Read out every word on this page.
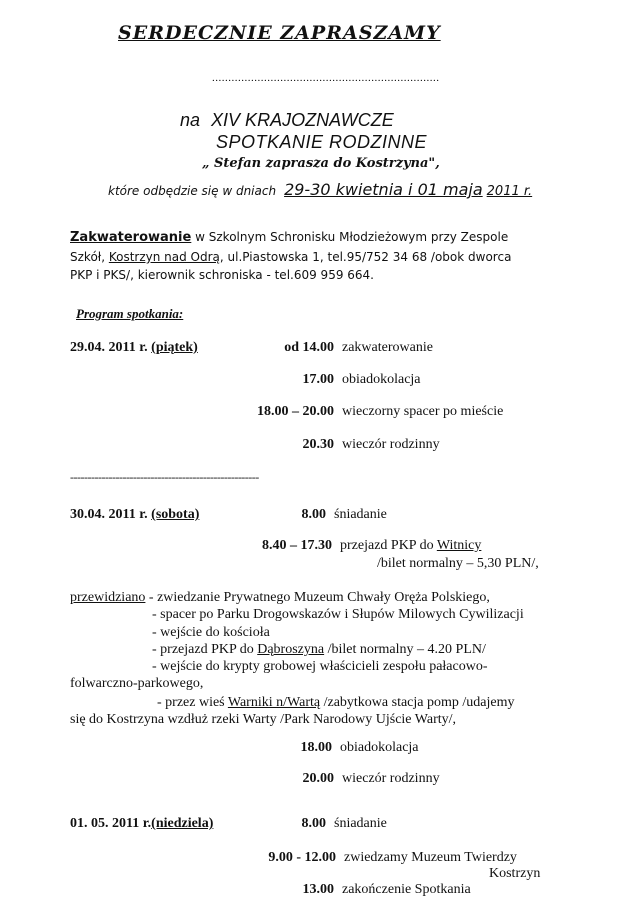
SERDECZNIE ZAPRASZAMY
......................................................................
na XIV KRAJOZNAWCZE
SPOTKANIE RODZINNE
„ Stefan zaprasza do Kostrzyna",
które odbędzie się w dniach 29-30 kwietnia i 01 maja 2011 r.
Zakwaterowanie w Szkolnym Schronisku Młodzieżowym przy Zespole
Szkół, Kostrzyn nad Odrą, ul.Piastowska 1, tel.95/752 34 68 /obok dworca
PKP i PKS/, kierownik schroniska - tel.609 959 664.
Program spotkania:
29.04. 2011 r. (piątek)	od 14.00 zakwaterowanie
17.00 obiadokolacja
18.00 – 20.00 wieczorny spacer po mieście
20.30 wieczór rodzinny
------------------------------------------------------
30.04. 2011 r. (sobota)	8.00 śniadanie
8.40 – 17.30 przejazd PKP do Witnicy
/bilet normalny – 5,30 PLN/,
przewidziano - zwiedzanie Prywatnego Muzeum Chwały Oręża Polskiego,
- spacer po Parku Drogowskazów i Słupów Milowych Cywilizacji
- wejście do kościoła
- przejazd PKP do Dąbroszyna /bilet normalny – 4.20 PLN/
- wejście do krypty grobowej właścicieli zespołu pałacowo-
folwarczno-parkowego,
- przez wieś Warniki n/Wartą /zabytkowa stacja pomp /udajemy
się do Kostrzyna wzdłuż rzeki Warty /Park Narodowy Ujście Warty/,
18.00 obiadokolacja
20.00 wieczór rodzinny
01. 05. 2011 r.(niedziela)	8.00 śniadanie
9.00 - 12.00 zwiedzamy Muzeum Twierdzy
Kostrzyn
13.00 zakończenie Spotkania
